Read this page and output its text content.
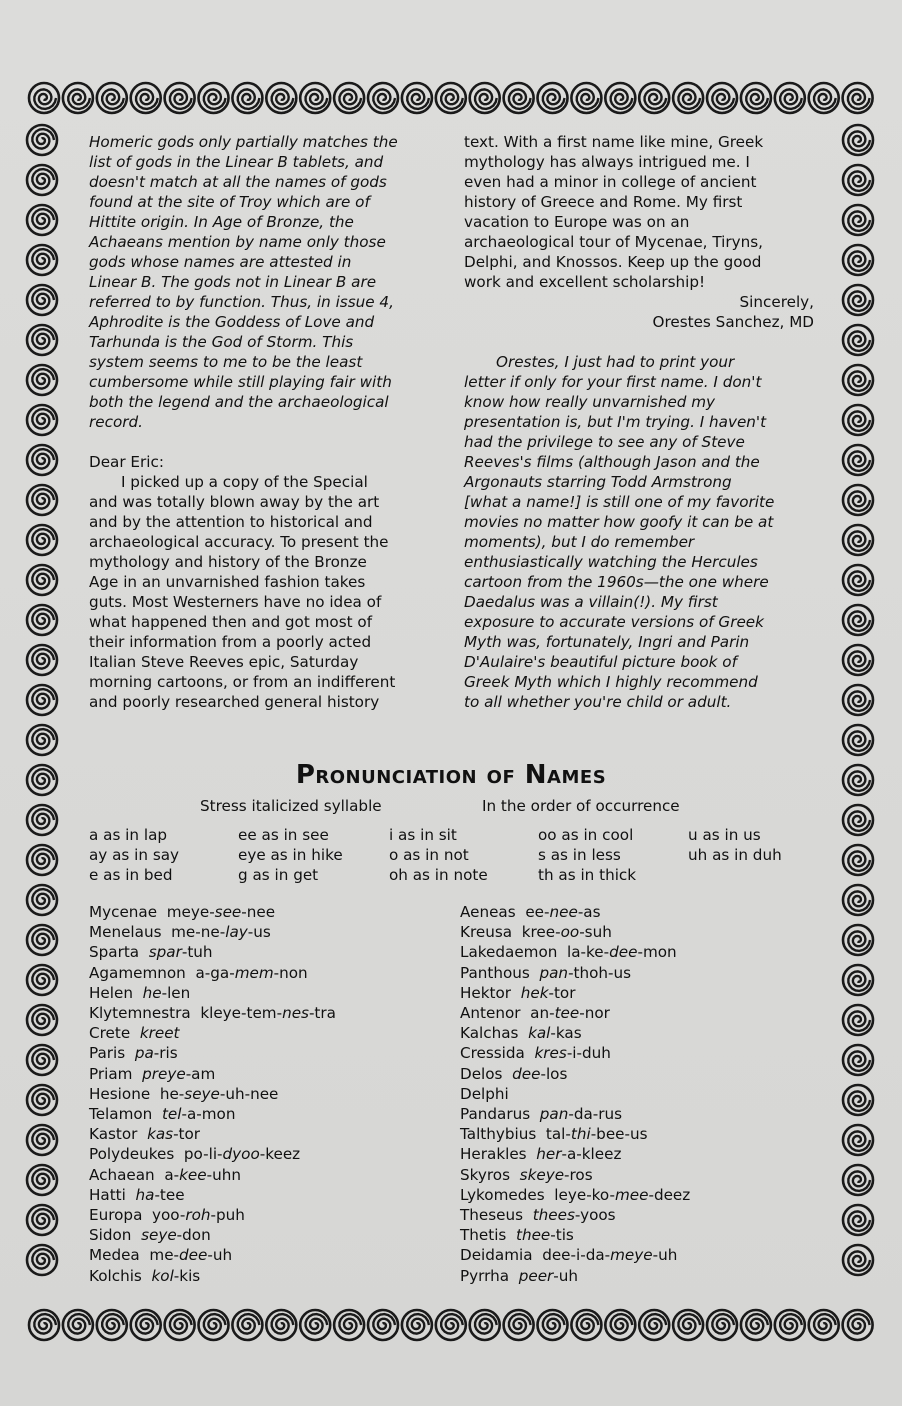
Homeric gods only partially matches the

list of gods in the Linear B tablets, and

doesn't match at all the names of gods

found at the site of Troy which are of

Hittite origin. In Age of Bronze, the

Achaeans mention by name only those

gods whose names are attested in

Linear B. The gods not in Linear B are

referred to by function. Thus, in issue 4,

Aphrodite is the Goddess of Love and

Tarhunda is the God of Storm. This

system seems to me to be the least

cumbersome while still playing fair with

both the legend and the archaeological

record.

Dear Eric:

I picked up a copy of the Special

and was totally blown away by the art

and by the attention to historical and

archaeological accuracy. To present the

mythology and history of the Bronze

Age in an unvarnished fashion takes

guts. Most Westerners have no idea of

what happened then and got most of

their information from a poorly acted

Italian Steve Reeves epic, Saturday

morning cartoons, or from an indifferent

and poorly researched general history

text. With a first name like mine, Greek

mythology has always intrigued me. I

even had a minor in college of ancient

history of Greece and Rome. My first

vacation to Europe was on an

archaeological tour of Mycenae, Tiryns,

Delphi, and Knossos. Keep up the good

work and excellent scholarship!

Sincerely,

Orestes Sanchez, MD

Orestes, I just had to print your

letter if only for your first name. I don't

know how really unvarnished my

presentation is, but I'm trying. I haven't

had the privilege to see any of Steve

Reeves's films (although Jason and the

Argonauts starring Todd Armstrong

[what a name!] is still one of my favorite

movies no matter how goofy it can be at

moments), but I do remember

enthusiastically watching the Hercules

cartoon from the 1960s—the one where

Daedalus was a villain(!). My first

exposure to accurate versions of Greek

Myth was, fortunately, Ingri and Parin

D'Aulaire's beautiful picture book of

Greek Myth which I highly recommend

to all whether you're child or adult.

Pronunciation of Names
Stress italicized syllable	In the order of occurrence
a as in lap
ay as in say
e as in bed
ee as in see
eye as in hike
g as in get
i as in sit
o as in not
oh as in note
oo as in cool
s as in less
th as in thick
u as in us
uh as in duh
Mycenae meye-see-nee
Menelaus me-ne-lay-us
Sparta spar-tuh
Agamemnon a-ga-mem-non
Helen he-len
Klytemnestra kleye-tem-nes-tra
Crete kreet
Paris pa-ris
Priam preye-am
Hesione he-seye-uh-nee
Telamon tel-a-mon
Kastor kas-tor
Polydeukes po-li-dyoo-keez
Achaean a-kee-uhn
Hatti ha-tee
Europa yoo-roh-puh
Sidon seye-don
Medea me-dee-uh
Kolchis kol-kis
Aeneas ee-nee-as
Kreusa kree-oo-suh
Lakedaemon la-ke-dee-mon
Panthous pan-thoh-us
Hektor hek-tor
Antenor an-tee-nor
Kalchas kal-kas
Cressida kres-i-duh
Delos dee-los
Delphi
Pandarus pan-da-rus
Talthybius tal-thi-bee-us
Herakles her-a-kleez
Skyros skeye-ros
Lykomedes leye-ko-mee-deez
Theseus thees-yoos
Thetis thee-tis
Deidamia dee-i-da-meye-uh
Pyrrha peer-uh
